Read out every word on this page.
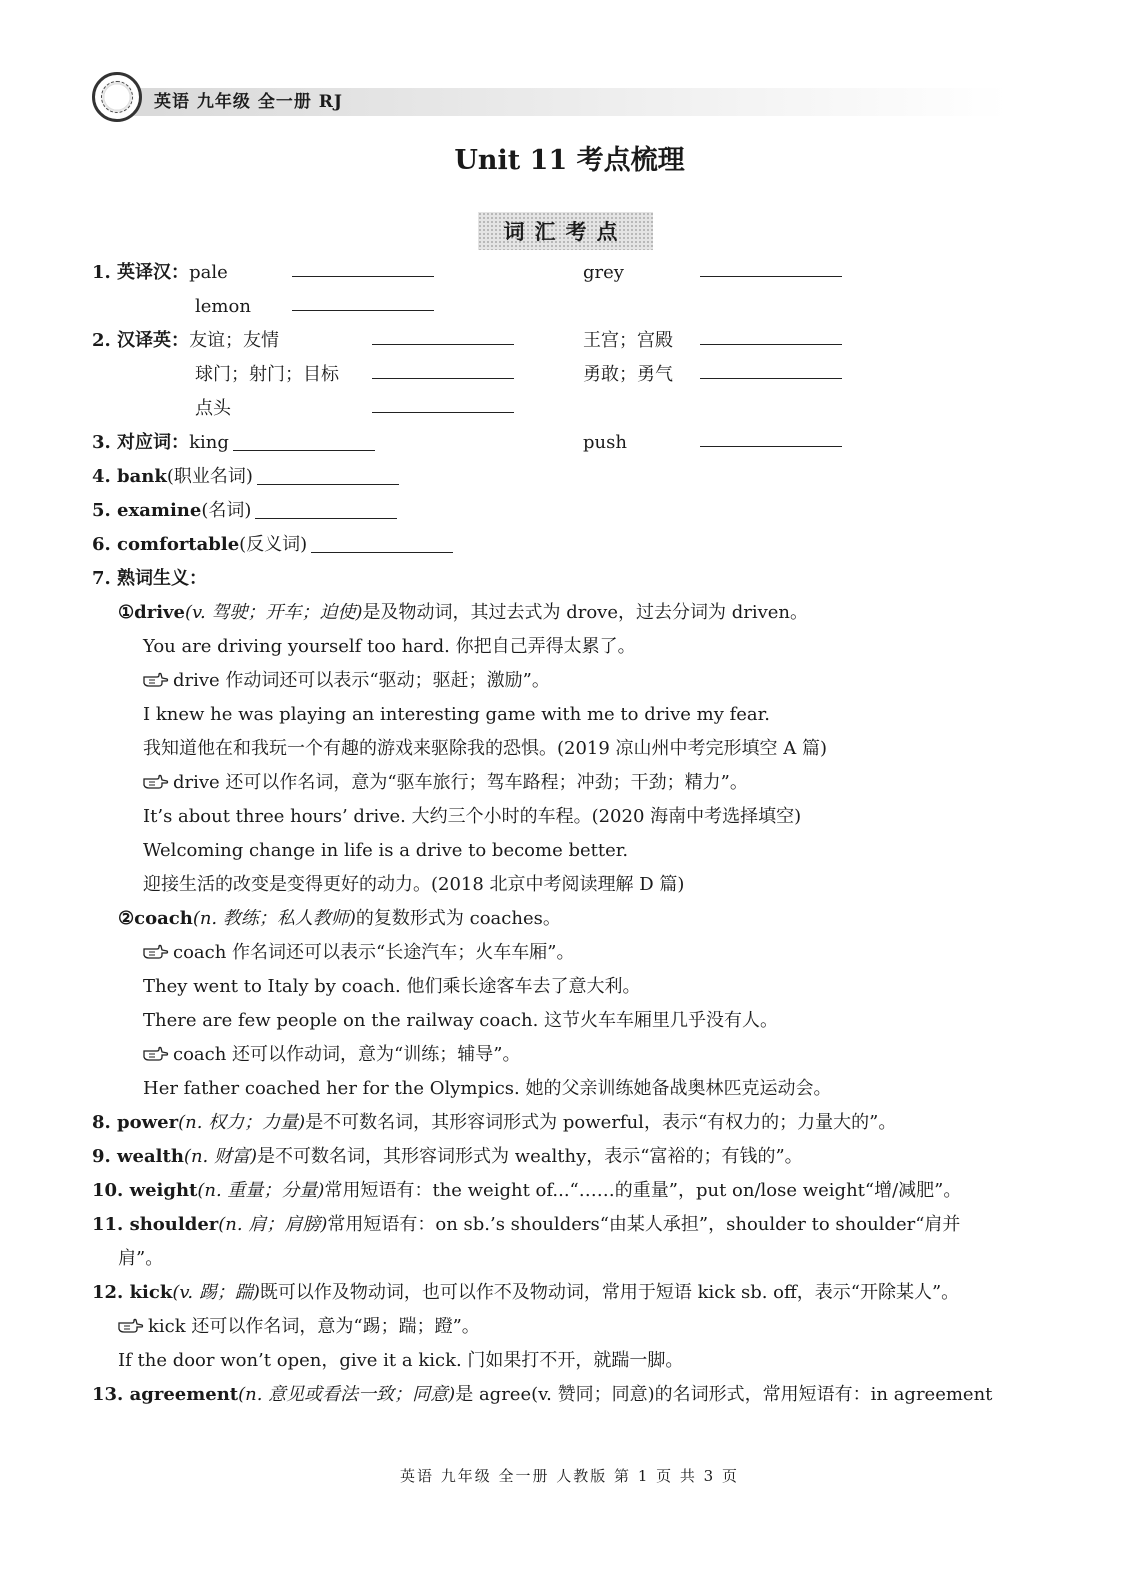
英语 九年级 全一册 RJ
Unit 11 考点梳理
词汇考点
1. 英译汉：pale	grey
lemon
2. 汉译英：友谊；友情	王宫；宫殿
球门；射门；目标	勇敢；勇气
点头
3. 对应词：king	push
4. bank(职业名词)
5. examine(名词)
6. comfortable(反义词)
7. 熟词生义：
①drive(v. 驾驶；开车；迫使)是及物动词，其过去式为 drove，过去分词为 driven。
You are driving yourself too hard. 你把自己弄得太累了。
drive 作动词还可以表示“驱动；驱赶；激励”。
I knew he was playing an interesting game with me to drive my fear.
我知道他在和我玩一个有趣的游戏来驱除我的恐惧。(2019 凉山州中考完形填空 A 篇)
drive 还可以作名词，意为“驱车旅行；驾车路程；冲劲；干劲；精力”。
It’s about three hours’ drive. 大约三个小时的车程。(2020 海南中考选择填空)
Welcoming change in life is a drive to become better.
迎接生活的改变是变得更好的动力。(2018 北京中考阅读理解 D 篇)
②coach(n. 教练；私人教师)的复数形式为 coaches。
coach 作名词还可以表示“长途汽车；火车车厢”。
They went to Italy by coach. 他们乘长途客车去了意大利。
There are few people on the railway coach. 这节火车车厢里几乎没有人。
coach 还可以作动词，意为“训练；辅导”。
Her father coached her for the Olympics. 她的父亲训练她备战奥林匹克运动会。
8. power(n. 权力；力量)是不可数名词，其形容词形式为 powerful，表示“有权力的；力量大的”。
9. wealth(n. 财富)是不可数名词，其形容词形式为 wealthy，表示“富裕的；有钱的”。
10. weight(n. 重量；分量)常用短语有：the weight of...“……的重量”，put on/lose weight“增/减肥”。
11. shoulder(n. 肩；肩膀)常用短语有：on sb.’s shoulders“由某人承担”，shoulder to shoulder“肩并
肩”。
12. kick(v. 踢；踹)既可以作及物动词，也可以作不及物动词，常用于短语 kick sb. off，表示“开除某人”。
kick 还可以作名词，意为“踢；踹；蹬”。
If the door won’t open，give it a kick. 门如果打不开，就踹一脚。
13. agreement(n. 意见或看法一致；同意)是 agree(v. 赞同；同意)的名词形式，常用短语有：in agreement
英语 九年级 全一册 人教版 第 1 页 共 3 页
